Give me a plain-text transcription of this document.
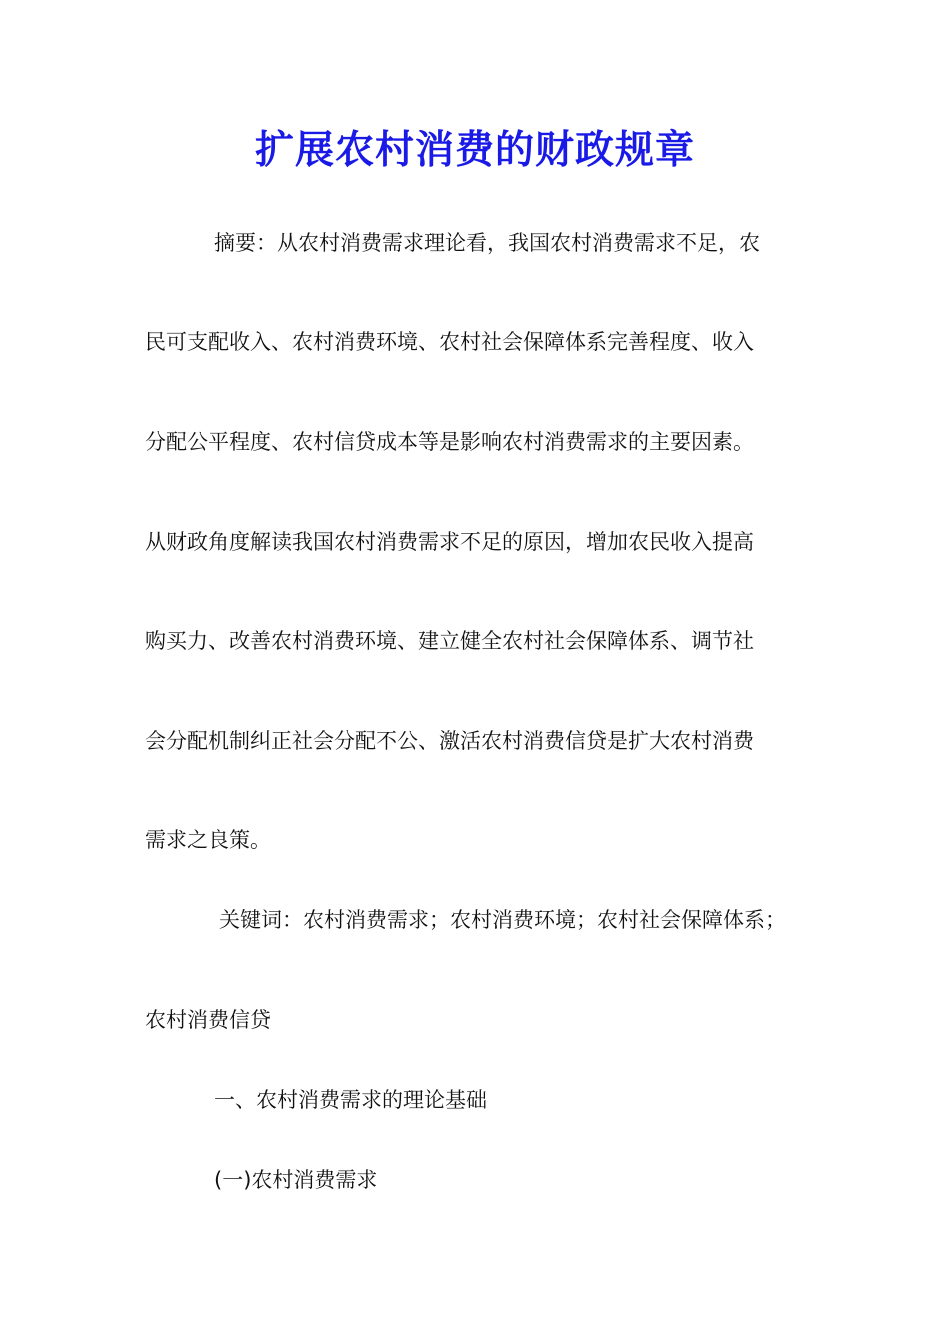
扩展农村消费的财政规章

摘要：从农村消费需求理论看，我国农村消费需求不足，农

民可支配收入、农村消费环境、农村社会保障体系完善程度、收入

分配公平程度、农村信贷成本等是影响农村消费需求的主要因素。

从财政角度解读我国农村消费需求不足的原因，增加农民收入提高

购买力、改善农村消费环境、建立健全农村社会保障体系、调节社

会分配机制纠正社会分配不公、激活农村消费信贷是扩大农村消费

需求之良策。

关键词：农村消费需求；农村消费环境；农村社会保障体系；

农村消费信贷

一、农村消费需求的理论基础

(一)农村消费需求
